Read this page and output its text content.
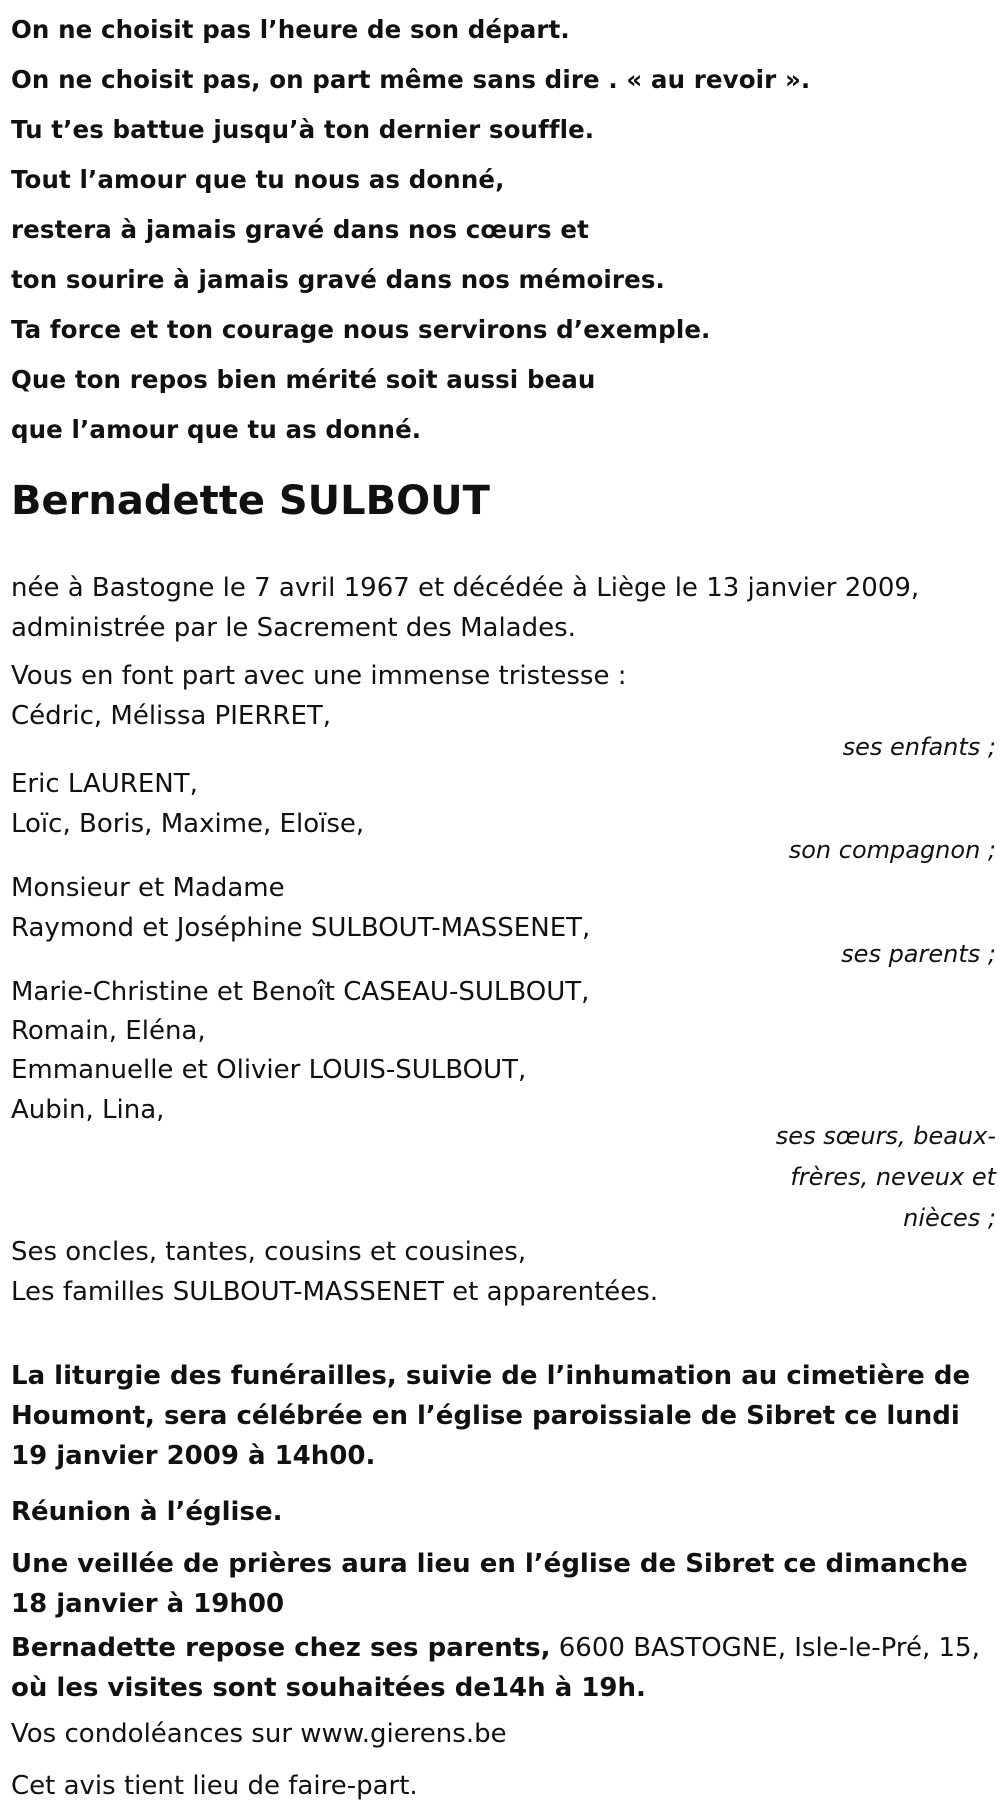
On ne choisit pas l’heure de son départ.
On ne choisit pas, on part même sans dire . « au revoir ».
Tu t’es battue jusqu’à ton dernier souffle.
Tout l’amour que tu nous as donné,
restera à jamais gravé dans nos cœurs et
ton sourire à jamais gravé dans nos mémoires.
Ta force et ton courage nous servirons d’exemple.
Que ton repos bien mérité soit aussi beau
que l’amour que tu as donné.
Bernadette SULBOUT
née à Bastogne le 7 avril 1967 et décédée à Liège le 13 janvier 2009,
administrée par le Sacrement des Malades.
Vous en font part avec une immense tristesse :
Cédric, Mélissa PIERRET,
ses enfants ;
Eric LAURENT,
Loïc, Boris, Maxime, Eloïse,
son compagnon ;
Monsieur et Madame
Raymond et Joséphine SULBOUT-MASSENET,
ses parents ;
Marie-Christine et Benoît CASEAU-SULBOUT,
Romain, Eléna,
Emmanuelle et Olivier LOUIS-SULBOUT,
Aubin, Lina,
ses sœurs, beaux-frères, neveux et nièces ;
Ses oncles, tantes, cousins et cousines,
Les familles SULBOUT-MASSENET et apparentées.
La liturgie des funérailles, suivie de l’inhumation au cimetière de Houmont, sera célébrée en l’église paroissiale de Sibret ce lundi 19 janvier 2009 à 14h00.
Réunion à l’église.
Une veillée de prières aura lieu en l’église de Sibret ce dimanche 18 janvier à 19h00
Bernadette repose chez ses parents, 6600 BASTOGNE, Isle-le-Pré, 15, où les visites sont souhaitées de14h à 19h.
Vos condoléances sur www.gierens.be
Cet avis tient lieu de faire-part.
